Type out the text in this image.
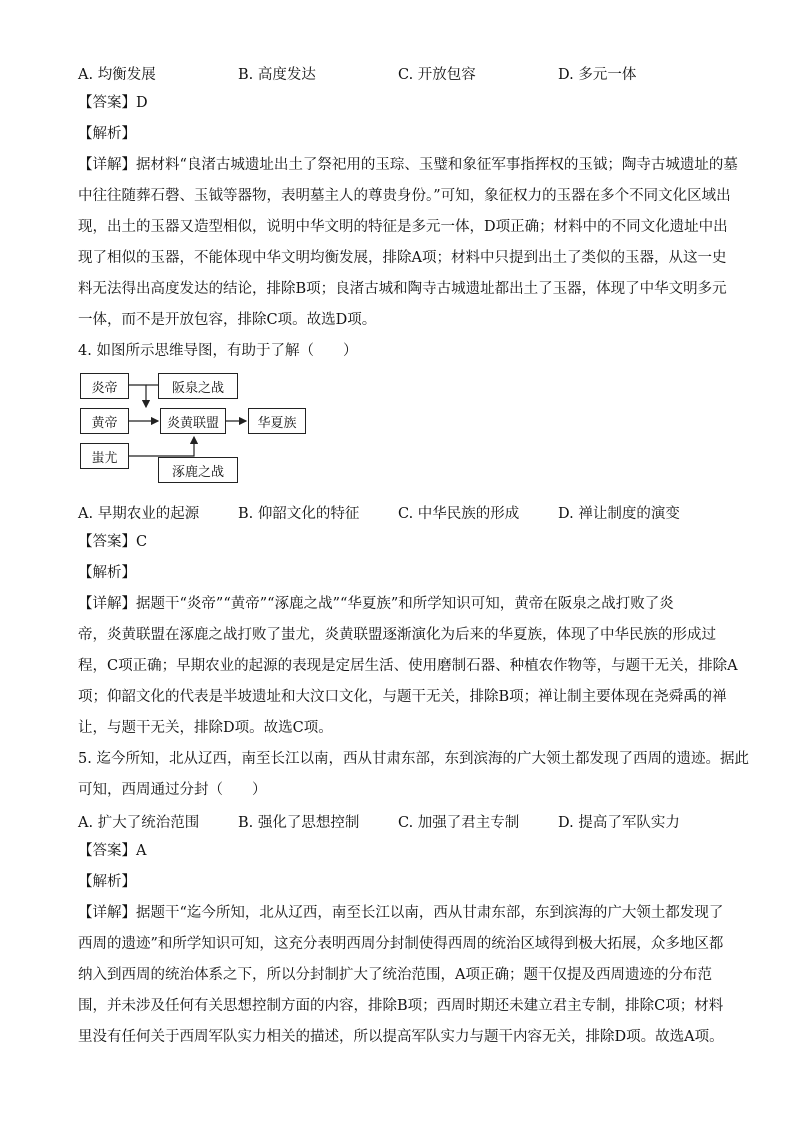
A. 均衡发展	B. 高度发达	C. 开放包容	D. 多元一体
【答案】D
【解析】
【详解】据材料“良渚古城遗址出土了祭祀用的玉琮、玉璧和象征军事指挥权的玉钺；陶寺古城遗址的墓
中往往随葬石磬、玉钺等器物，表明墓主人的尊贵身份。”可知，象征权力的玉器在多个不同文化区域出
现，出土的玉器又造型相似，说明中华文明的特征是多元一体，D项正确；材料中的不同文化遗址中出
现了相似的玉器，不能体现中华文明均衡发展，排除A项；材料中只提到出土了类似的玉器，从这一史
料无法得出高度发达的结论，排除B项；良渚古城和陶寺古城遗址都出土了玉器，体现了中华文明多元
一体，而不是开放包容，排除C项。故选D项。
4. 如图所示思维导图，有助于了解（　　）
炎帝	阪泉之战
黄帝	炎黄联盟	华夏族
蚩尤
涿鹿之战
A. 早期农业的起源	B. 仰韶文化的特征	C. 中华民族的形成	D. 禅让制度的演变
【答案】C
【解析】
【详解】据题干“炎帝”“黄帝”“涿鹿之战”“华夏族”和所学知识可知，黄帝在阪泉之战打败了炎
帝，炎黄联盟在涿鹿之战打败了蚩尤，炎黄联盟逐渐演化为后来的华夏族，体现了中华民族的形成过
程，C项正确；早期农业的起源的表现是定居生活、使用磨制石器、种植农作物等，与题干无关，排除A
项；仰韶文化的代表是半坡遗址和大汶口文化，与题干无关，排除B项；禅让制主要体现在尧舜禹的禅
让，与题干无关，排除D项。故选C项。
5. 迄今所知，北从辽西，南至长江以南，西从甘肃东部，东到滨海的广大领土都发现了西周的遗迹。据此
可知，西周通过分封（　　）
A. 扩大了统治范围	B. 强化了思想控制	C. 加强了君主专制	D. 提高了军队实力
【答案】A
【解析】
【详解】据题干“迄今所知，北从辽西，南至长江以南，西从甘肃东部，东到滨海的广大领土都发现了
西周的遗迹”和所学知识可知，这充分表明西周分封制使得西周的统治区域得到极大拓展，众多地区都
纳入到西周的统治体系之下，所以分封制扩大了统治范围，A项正确；题干仅提及西周遗迹的分布范
围，并未涉及任何有关思想控制方面的内容，排除B项；西周时期还未建立君主专制，排除C项；材料
里没有任何关于西周军队实力相关的描述，所以提高军队实力与题干内容无关，排除D项。故选A项。
